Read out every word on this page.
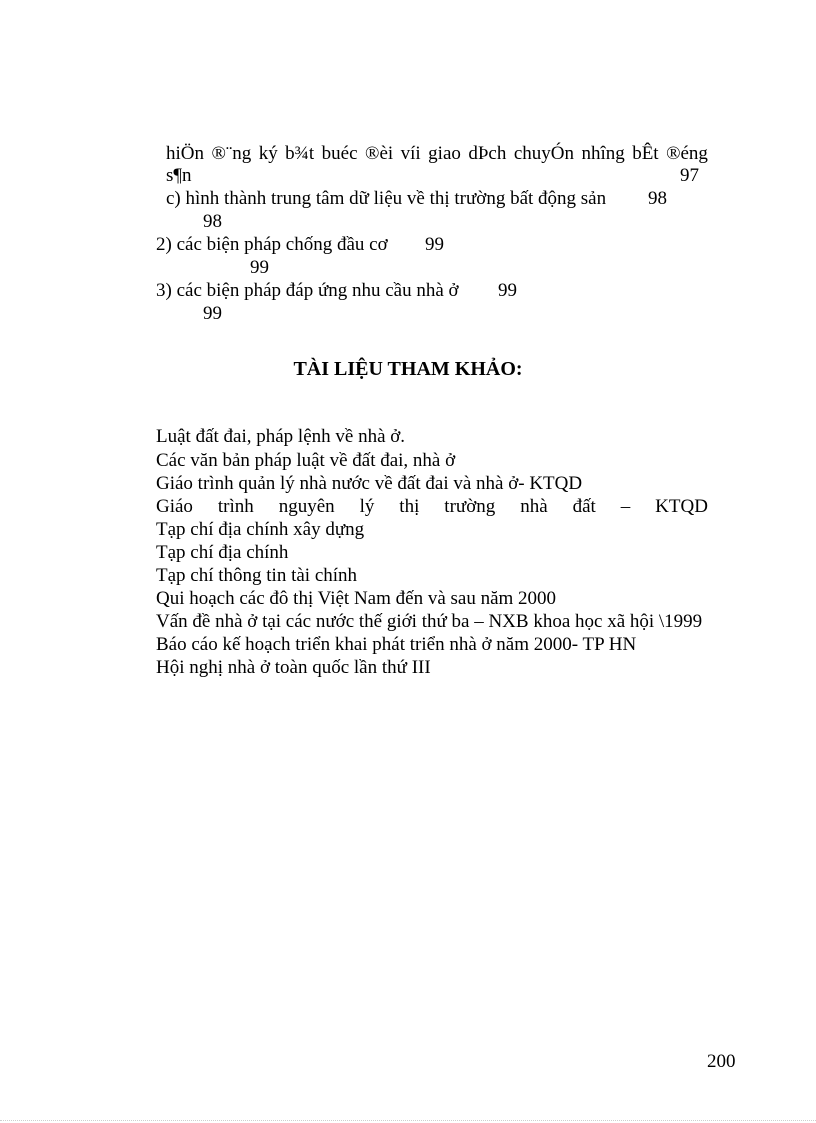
hiÖn ®¨ng ký b¾t buéc ®èi víi giao dÞch chuyÓn nhîng bÊt ®éng
s¶n	97
c) hình thành trung tâm dữ liệu về thị trường bất động sản 98
98
2) các biện pháp chống đầu cơ 99
99
3) các biện pháp đáp ứng nhu cầu nhà ở 99
99
TÀI LIỆU THAM KHẢO:
Luật đất đai, pháp lệnh về nhà ở.
Các văn bản pháp luật về đất đai, nhà ở
Giáo trình quản lý nhà nước về đất đai và nhà ở- KTQD
Giáo trình nguyên lý thị trường nhà đất – KTQD
Tạp chí địa chính xây dựng
Tạp chí địa chính
Tạp chí thông tin tài chính
Qui hoạch các đô thị Việt Nam đến và sau năm 2000
Vấn đề nhà ở tại các nước thế giới thứ ba – NXB khoa học xã hội \1999
Báo cáo kế hoạch triển khai phát triển nhà ở năm 2000- TP HN
Hội nghị nhà ở toàn quốc lần thứ III
200
